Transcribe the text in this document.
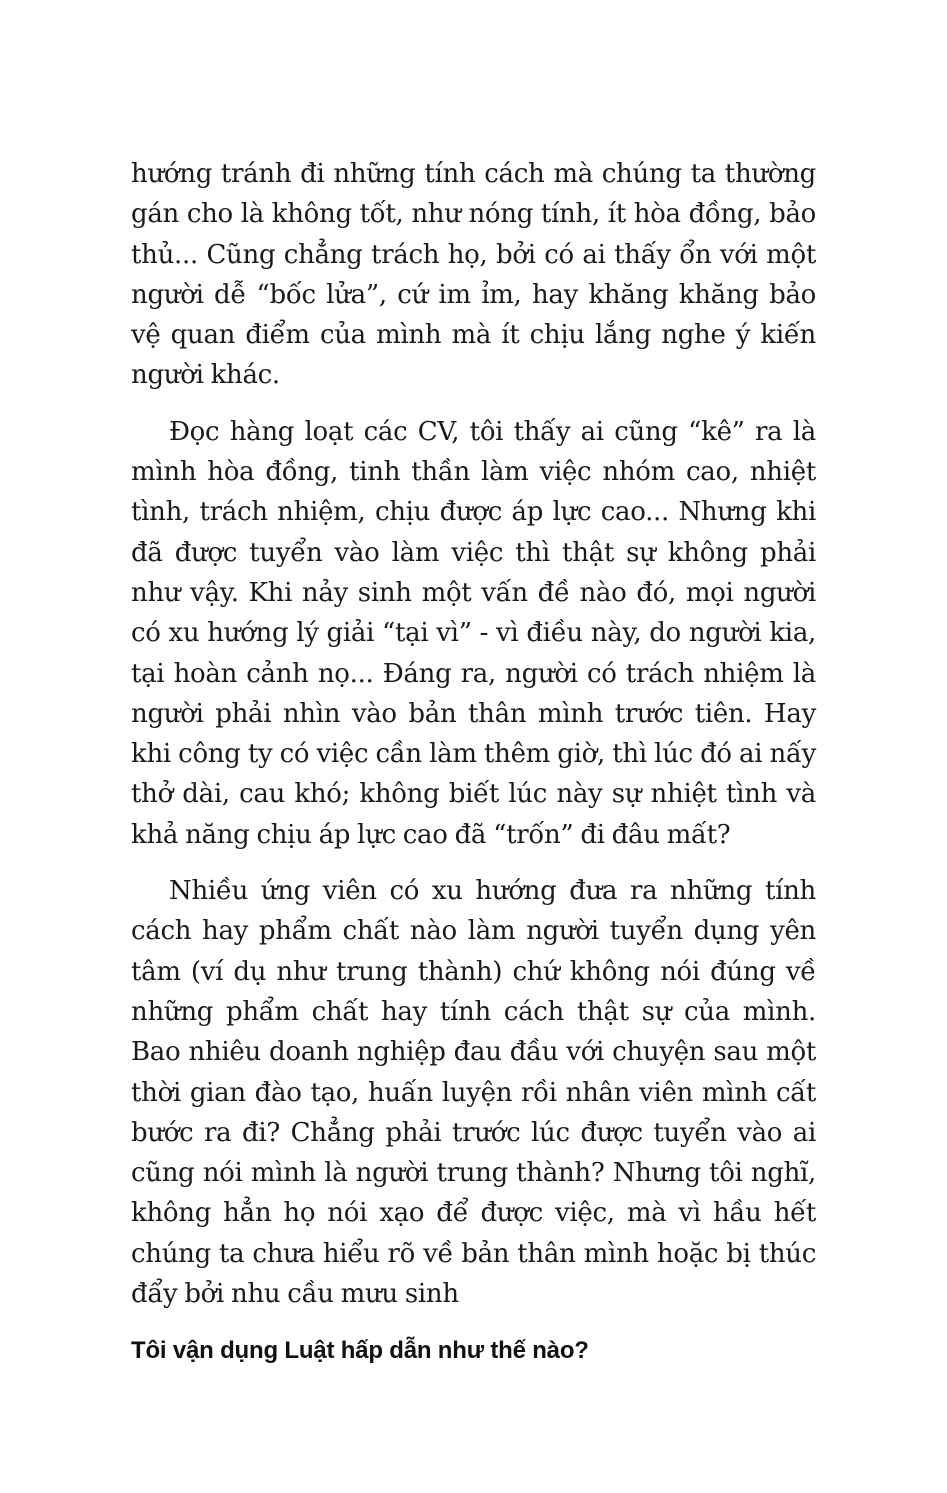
hướng tránh đi những tính cách mà chúng ta thường gán cho là không tốt, như nóng tính, ít hòa đồng, bảo thủ... Cũng chẳng trách họ, bởi có ai thấy ổn với một người dễ “bốc lửa”, cứ im ỉm, hay khăng khăng bảo vệ quan điểm của mình mà ít chịu lắng nghe ý kiến người khác.

Đọc hàng loạt các CV, tôi thấy ai cũng “kê” ra là mình hòa đồng, tinh thần làm việc nhóm cao, nhiệt tình, trách nhiệm, chịu được áp lực cao... Nhưng khi đã được tuyển vào làm việc thì thật sự không phải như vậy. Khi nảy sinh một vấn đề nào đó, mọi người có xu hướng lý giải “tại vì” - vì điều này, do người kia, tại hoàn cảnh nọ... Đáng ra, người có trách nhiệm là người phải nhìn vào bản thân mình trước tiên. Hay khi công ty có việc cần làm thêm giờ, thì lúc đó ai nấy thở dài, cau khó; không biết lúc này sự nhiệt tình và khả năng chịu áp lực cao đã “trốn” đi đâu mất?

Nhiều ứng viên có xu hướng đưa ra những tính cách hay phẩm chất nào làm người tuyển dụng yên tâm (ví dụ như trung thành) chứ không nói đúng về những phẩm chất hay tính cách thật sự của mình. Bao nhiêu doanh nghiệp đau đầu với chuyện sau một thời gian đào tạo, huấn luyện rồi nhân viên mình cất bước ra đi? Chẳng phải trước lúc được tuyển vào ai cũng nói mình là người trung thành? Nhưng tôi nghĩ, không hẳn họ nói xạo để được việc, mà vì hầu hết chúng ta chưa hiểu rõ về bản thân mình hoặc bị thúc đẩy bởi nhu cầu mưu sinh

Tôi vận dụng Luật hấp dẫn như thế nào?
